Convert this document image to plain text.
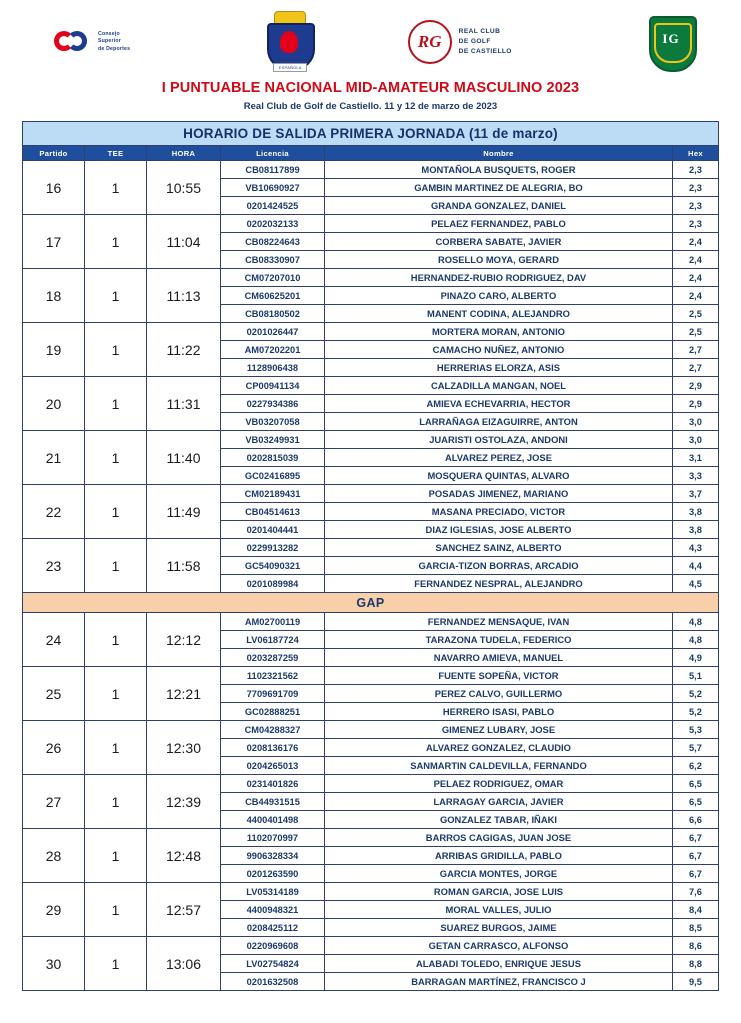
Consejo
Superior
de Deportes
ESPAÑOLA
RG
REAL CLUB
DE GOLF
DE CASTIELLO
IG
I PUNTUABLE NACIONAL MID-AMATEUR MASCULINO 2023
Real Club de Golf de Castiello. 11 y 12 de marzo de 2023
HORARIO DE SALIDA PRIMERA JORNADA (11 de marzo)					
Partido	TEE	HORA	Licencia	Nombre	Hex
16	1	10:55	CB08117899	MONTAÑOLA BUSQUETS, ROGER	2,3
			VB10690927	GAMBIN MARTINEZ DE ALEGRIA, BO	2,3
			0201424525	GRANDA GONZALEZ, DANIEL	2,3
17	1	11:04	0202032133	PELAEZ FERNANDEZ, PABLO	2,3
			CB08224643	CORBERA SABATE, JAVIER	2,4
			CB08330907	ROSELLO MOYA, GERARD	2,4
18	1	11:13	CM07207010	HERNANDEZ-RUBIO RODRIGUEZ, DAV	2,4
			CM60625201	PINAZO CARO, ALBERTO	2,4
			CB08180502	MANENT CODINA, ALEJANDRO	2,5
19	1	11:22	0201026447	MORTERA MORAN, ANTONIO	2,5
			AM07202201	CAMACHO NUÑEZ, ANTONIO	2,7
			1128906438	HERRERIAS ELORZA, ASIS	2,7
20	1	11:31	CP00941134	CALZADILLA MANGAN, NOEL	2,9
			0227934386	AMIEVA ECHEVARRIA, HECTOR	2,9
			VB03207058	LARRAÑAGA EIZAGUIRRE, ANTON	3,0
21	1	11:40	VB03249931	JUARISTI OSTOLAZA, ANDONI	3,0
			0202815039	ALVAREZ PEREZ, JOSE	3,1
			GC02416895	MOSQUERA QUINTAS, ALVARO	3,3
22	1	11:49	CM02189431	POSADAS JIMENEZ, MARIANO	3,7
			CB04514613	MASANA PRECIADO, VICTOR	3,8
			0201404441	DIAZ IGLESIAS, JOSE ALBERTO	3,8
23	1	11:58	0229913282	SANCHEZ SAINZ, ALBERTO	4,3
			GC54090321	GARCIA-TIZON BORRAS, ARCADIO	4,4
			0201089984	FERNANDEZ NESPRAL, ALEJANDRO	4,5
GAP					
24	1	12:12	AM02700119	FERNANDEZ MENSAQUE, IVAN	4,8
			LV06187724	TARAZONA TUDELA, FEDERICO	4,8
			0203287259	NAVARRO AMIEVA, MANUEL	4,9
25	1	12:21	1102321562	FUENTE SOPEÑA, VICTOR	5,1
			7709691709	PEREZ CALVO, GUILLERMO	5,2
			GC02888251	HERRERO ISASI, PABLO	5,2
26	1	12:30	CM04288327	GIMENEZ LUBARY, JOSE	5,3
			0208136176	ALVAREZ GONZALEZ, CLAUDIO	5,7
			0204265013	SANMARTIN CALDEVILLA, FERNANDO	6,2
27	1	12:39	0231401826	PELAEZ RODRIGUEZ, OMAR	6,5
			CB44931515	LARRAGAY GARCIA, JAVIER	6,5
			4400401498	GONZALEZ TABAR, IÑAKI	6,6
28	1	12:48	1102070997	BARROS CAGIGAS, JUAN JOSE	6,7
			9906328334	ARRIBAS GRIDILLA, PABLO	6,7
			0201263590	GARCIA MONTES, JORGE	6,7
29	1	12:57	LV05314189	ROMAN GARCIA, JOSE LUIS	7,6
			4400948321	MORAL VALLES, JULIO	8,4
			0208425112	SUAREZ BURGOS, JAIME	8,5
30	1	13:06	0220969608	GETAN CARRASCO, ALFONSO	8,6
			LV02754824	ALABADI TOLEDO, ENRIQUE JESUS	8,8
			0201632508	BARRAGAN MARTÍNEZ, FRANCISCO J	9,5
